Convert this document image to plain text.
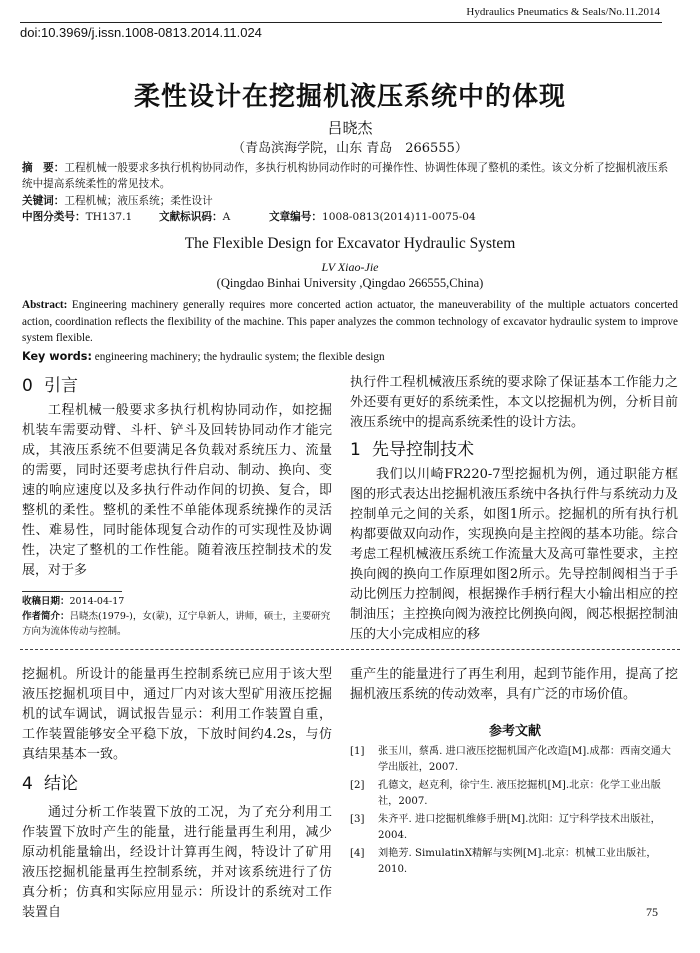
Hydraulics Pneumatics & Seals/No.11.2014
doi:10.3969/j.issn.1008-0813.2014.11.024
柔性设计在挖掘机液压系统中的体现
吕晓杰
（青岛滨海学院，山东 青岛　266555）
摘　要：工程机械一般要求多执行机构协同动作，多执行机构协同动作时的可操作性、协调性体现了整机的柔性。该文分析了挖掘机液压系统中提高系统柔性的常见技术。
关键词：工程机械；液压系统；柔性设计
中图分类号：TH137.1	文献标识码：A	文章编号：1008-0813(2014)11-0075-04
The Flexible Design for Excavator Hydraulic System
LV Xiao-Jie
(Qingdao Binhai University ,Qingdao 266555,China)
Abstract: Engineering machinery generally requires more concerted action actuator, the maneuverability of the multiple actuators concerted action, coordination reflects the flexibility of the machine. This paper analyzes the common technology of excavator hydraulic system to improve system flexible.
Key words: engineering machinery; the hydraulic system; the flexible design
0 引言

工程机械一般要求多执行机构协同动作，如挖掘机装车需要动臂、斗杆、铲斗及回转协同动作才能完成，其液压系统不但要满足各负载对系统压力、流量的需要，同时还要考虑执行件启动、制动、换向、变速的响应速度以及多执行件动作间的切换、复合，即整机的柔性。整机的柔性不单能体现系统操作的灵活性、难易性，同时能体现复合动作的可实现性及协调性，决定了整机的工作性能。随着液压控制技术的发展，对于多

收稿日期：2014-04-17
作者简介：吕晓杰(1979-)，女(蒙)，辽宁阜新人，讲师，硕士，主要研究方向为流体传动与控制。

执行件工程机械液压系统的要求除了保证基本工作能力之外还要有更好的系统柔性，本文以挖掘机为例，分析目前液压系统中的提高系统柔性的设计方法。

1 先导控制技术

我们以川崎FR220-7型挖掘机为例，通过职能方框图的形式表达出挖掘机液压系统中各执行件与系统动力及控制单元之间的关系，如图1所示。挖掘机的所有执行机构都要做双向动作，实现换向是主控阀的基本功能。综合考虑工程机械液压系统工作流量大及高可靠性要求，主控换向阀的换向工作原理如图2所示。先导控制阀相当于手动比例压力控制阀，根据操作手柄行程大小输出相应的控制油压；主控换向阀为液控比例换向阀，阀芯根据控制油压的大小完成相应的移

挖掘机。所设计的能量再生控制系统已应用于该大型液压挖掘机项目中，通过厂内对该大型矿用液压挖掘机的试车调试，调试报告显示：利用工作装置自重，工作装置能够安全平稳下放，下放时间约4.2s，与仿真结果基本一致。

4 结论

通过分析工作装置下放的工况，为了充分利用工作装置下放时产生的能量，进行能量再生利用，减少原动机能量输出，经设计计算再生阀，特设计了矿用液压挖掘机能量再生控制系统，并对该系统进行了仿真分析；仿真和实际应用显示：所设计的系统对工作装置自

重产生的能量进行了再生利用，起到节能作用，提高了挖掘机液压系统的传动效率，具有广泛的市场价值。

参考文献
[1]	张玉川，蔡禹. 进口液压挖掘机国产化改造[M].成都：西南交通大学出版社，2007.
[2]	孔德文，赵克利，徐宁生. 液压挖掘机[M].北京：化学工业出版社，2007.
[3]	朱齐平. 进口挖掘机维修手册[M].沈阳：辽宁科学技术出版社，2004.
[4]	刘艳芳. SimulatinX精解与实例[M].北京：机械工业出版社，2010.
75
